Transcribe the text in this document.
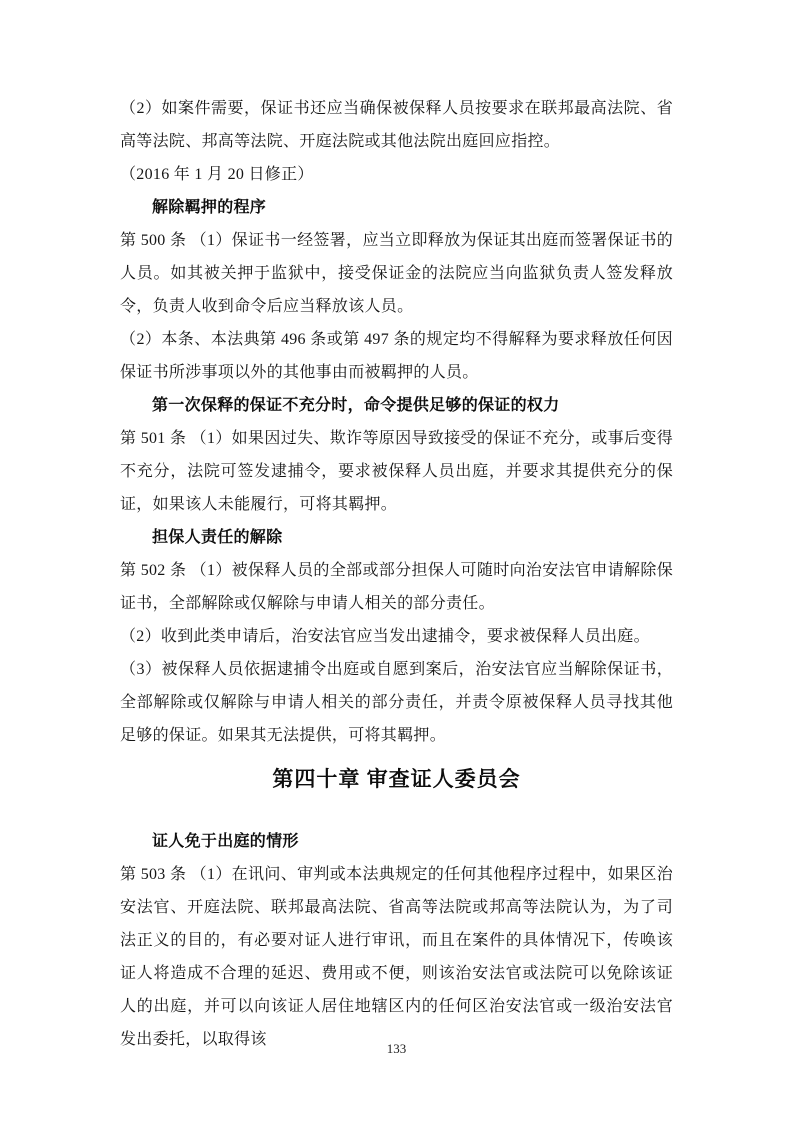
（2）如案件需要，保证书还应当确保被保释人员按要求在联邦最高法院、省高等法院、邦高等法院、开庭法院或其他法院出庭回应指控。

（2016 年 1 月 20 日修正）

解除羁押的程序

第 500 条 （1）保证书一经签署，应当立即释放为保证其出庭而签署保证书的人员。如其被关押于监狱中，接受保证金的法院应当向监狱负责人签发释放令，负责人收到命令后应当释放该人员。

（2）本条、本法典第 496 条或第 497 条的规定均不得解释为要求释放任何因保证书所涉事项以外的其他事由而被羁押的人员。

第一次保释的保证不充分时，命令提供足够的保证的权力

第 501 条 （1）如果因过失、欺诈等原因导致接受的保证不充分，或事后变得不充分，法院可签发逮捕令，要求被保释人员出庭，并要求其提供充分的保证，如果该人未能履行，可将其羁押。

担保人责任的解除

第 502 条 （1）被保释人员的全部或部分担保人可随时向治安法官申请解除保证书，全部解除或仅解除与申请人相关的部分责任。

（2）收到此类申请后，治安法官应当发出逮捕令，要求被保释人员出庭。

（3）被保释人员依据逮捕令出庭或自愿到案后，治安法官应当解除保证书，全部解除或仅解除与申请人相关的部分责任，并责令原被保释人员寻找其他足够的保证。如果其无法提供，可将其羁押。

第四十章 审查证人委员会
证人免于出庭的情形

第 503 条 （1）在讯问、审判或本法典规定的任何其他程序过程中，如果区治安法官、开庭法院、联邦最高法院、省高等法院或邦高等法院认为，为了司法正义的目的，有必要对证人进行审讯，而且在案件的具体情况下，传唤该证人将造成不合理的延迟、费用或不便，则该治安法官或法院可以免除该证人的出庭，并可以向该证人居住地辖区内的任何区治安法官或一级治安法官发出委托，以取得该

133
